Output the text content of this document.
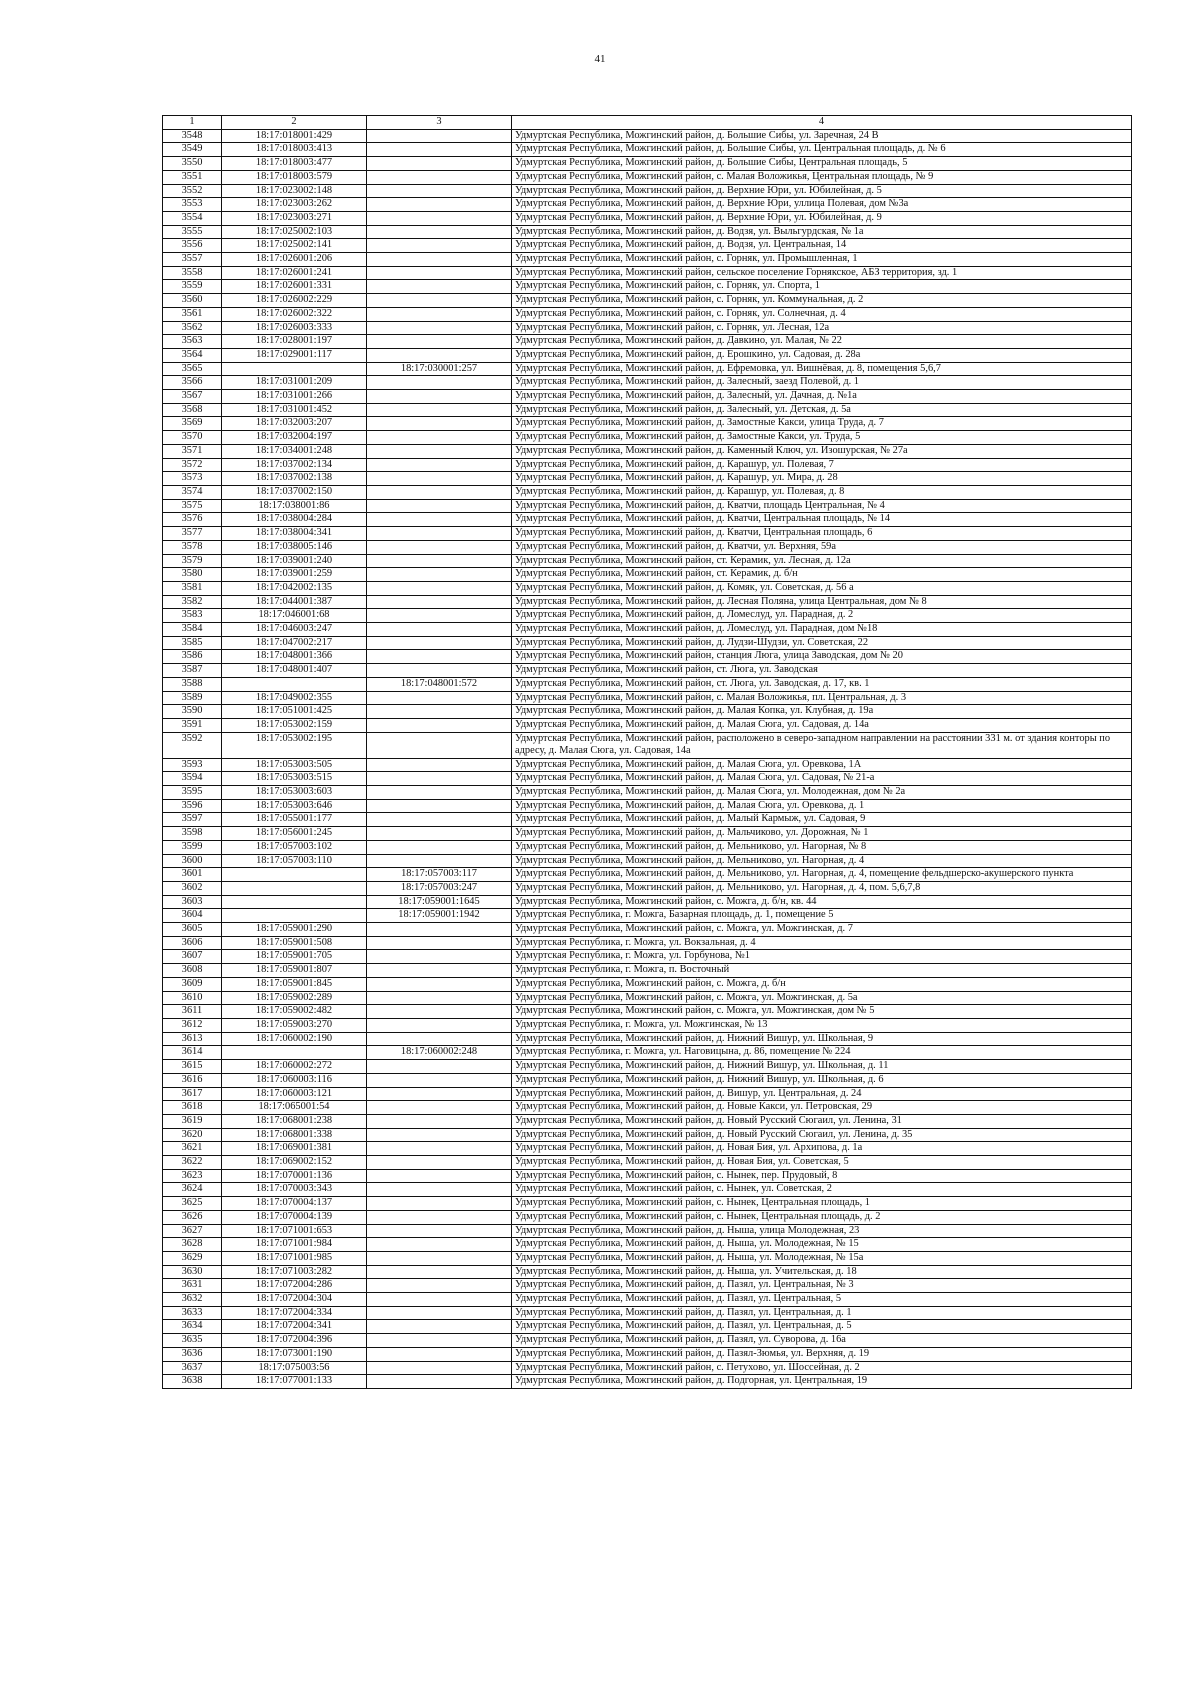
41
1	2	3	4
3548	18:17:018001:429		Удмуртская Республика, Можгинский район, д. Большие Сибы, ул. Заречная, 24 В
3549	18:17:018003:413		Удмуртская Республика, Можгинский район, д. Большие Сибы, ул. Центральная площадь, д. № 6
3550	18:17:018003:477		Удмуртская Республика, Можгинский район, д. Большие Сибы, Центральная площадь, 5
3551	18:17:018003:579		Удмуртская Республика, Можгинский район, с. Малая Воложикья, Центральная площадь, № 9
3552	18:17:023002:148		Удмуртская Республика, Можгинский район, д. Верхние Юри, ул. Юбилейная, д. 5
3553	18:17:023003:262		Удмуртская Республика, Можгинский район, д. Верхние Юри, уллица Полевая, дом №3а
3554	18:17:023003:271		Удмуртская Республика, Можгинский район, д. Верхние Юри, ул. Юбилейная, д. 9
3555	18:17:025002:103		Удмуртская Республика, Можгинский район, д. Водзя, ул. Выльгурдская, № 1а
3556	18:17:025002:141		Удмуртская Республика, Можгинский район, д. Водзя, ул. Центральная, 14
3557	18:17:026001:206		Удмуртская Республика, Можгинский район, с. Горняк, ул. Промышленная, 1
3558	18:17:026001:241		Удмуртская Республика, Можгинский район, сельское поселение Горнякское, АБЗ территория, зд. 1
3559	18:17:026001:331		Удмуртская Республика, Можгинский район, с. Горняк, ул. Спорта, 1
3560	18:17:026002:229		Удмуртская Республика, Можгинский район, с. Горняк, ул. Коммунальная, д. 2
3561	18:17:026002:322		Удмуртская Республика, Можгинский район, с. Горняк, ул. Солнечная, д. 4
3562	18:17:026003:333		Удмуртская Республика, Можгинский район, с. Горняк, ул. Лесная, 12а
3563	18:17:028001:197		Удмуртская Республика, Можгинский район, д. Давкино, ул. Малая, № 22
3564	18:17:029001:117		Удмуртская Республика, Можгинский район, д. Ерошкино, ул. Садовая, д. 28а
3565		18:17:030001:257	Удмуртская Республика, Можгинский район, д. Ефремовка, ул. Вишнёвая, д. 8, помещения 5,6,7
3566	18:17:031001:209		Удмуртская Республика, Можгинский район, д. Залесный, заезд Полевой, д. 1
3567	18:17:031001:266		Удмуртская Республика, Можгинский район, д. Залесный, ул. Дачная, д. №1а
3568	18:17:031001:452		Удмуртская Республика, Можгинский район, д. Залесный, ул. Детская, д. 5а
3569	18:17:032003:207		Удмуртская Республика, Можгинский район, д. Замостные Какси, улица Труда, д. 7
3570	18:17:032004:197		Удмуртская Республика, Можгинский район, д. Замостные Какси, ул. Труда, 5
3571	18:17:034001:248		Удмуртская Республика, Можгинский район, д. Каменный Ключ, ул. Изошурская, № 27а
3572	18:17:037002:134		Удмуртская Республика, Можгинский район, д. Карашур, ул. Полевая, 7
3573	18:17:037002:138		Удмуртская Республика, Можгинский район, д. Карашур, ул. Мира, д. 28
3574	18:17:037002:150		Удмуртская Республика, Можгинский район, д. Карашур, ул. Полевая, д. 8
3575	18:17:038001:86		Удмуртская Республика, Можгинский район, д. Кватчи, площадь Центральная, № 4
3576	18:17:038004:284		Удмуртская Республика, Можгинский район, д. Кватчи, Центральная площадь, № 14
3577	18:17:038004:341		Удмуртская Республика, Можгинский район, д. Кватчи, Центральная площадь, 6
3578	18:17:038005:146		Удмуртская Республика, Можгинский район, д. Кватчи, ул. Верхняя, 59а
3579	18:17:039001:240		Удмуртская Республика, Можгинский район, ст. Керамик, ул. Лесная, д. 12а
3580	18:17:039001:259		Удмуртская Республика, Можгинский район, ст. Керамик, д. б/н
3581	18:17:042002:135		Удмуртская Республика, Можгинский район, д. Комяк, ул. Советская, д. 56 а
3582	18:17:044001:387		Удмуртская Республика, Можгинский район, д. Лесная Поляна, улица Центральная, дом № 8
3583	18:17:046001:68		Удмуртская Республика, Можгинский район, д. Ломеслуд, ул. Парадная, д. 2
3584	18:17:046003:247		Удмуртская Республика, Можгинский район, д. Ломеслуд, ул. Парадная, дом №18
3585	18:17:047002:217		Удмуртская Республика, Можгинский район, д. Лудзи-Шудзи, ул. Советская, 22
3586	18:17:048001:366		Удмуртская Республика, Можгинский район, станция Люга, улица Заводская, дом № 20
3587	18:17:048001:407		Удмуртская Республика, Можгинский район, ст. Люга, ул. Заводская
3588		18:17:048001:572	Удмуртская Республика, Можгинский район, ст. Люга, ул. Заводская, д. 17, кв. 1
3589	18:17:049002:355		Удмуртская Республика, Можгинский район, с. Малая Воложикья, пл. Центральная, д. 3
3590	18:17:051001:425		Удмуртская Республика, Можгинский район, д. Малая Копка, ул. Клубная, д. 19а
3591	18:17:053002:159		Удмуртская Республика, Можгинский район, д. Малая Сюга, ул. Садовая, д. 14а
3592	18:17:053002:195		Удмуртская Республика, Можгинский район, расположено в северо-западном направлении на расстоянии 331 м. от здания конторы по адресу, д. Малая Сюга, ул. Садовая, 14а
3593	18:17:053003:505		Удмуртская Республика, Можгинский район, д. Малая Сюга, ул. Оревкова, 1А
3594	18:17:053003:515		Удмуртская Республика, Можгинский район, д. Малая Сюга, ул. Садовая, № 21-а
3595	18:17:053003:603		Удмуртская Республика, Можгинский район, д. Малая Сюга, ул. Молодежная, дом № 2а
3596	18:17:053003:646		Удмуртская Республика, Можгинский район, д. Малая Сюга, ул. Оревкова, д. 1
3597	18:17:055001:177		Удмуртская Республика, Можгинский район, д. Малый Кармыж, ул. Садовая, 9
3598	18:17:056001:245		Удмуртская Республика, Можгинский район, д. Мальчиково, ул. Дорожная, № 1
3599	18:17:057003:102		Удмуртская Республика, Можгинский район, д. Мельниково, ул. Нагорная, № 8
3600	18:17:057003:110		Удмуртская Республика, Можгинский район, д. Мельниково, ул. Нагорная, д. 4
3601		18:17:057003:117	Удмуртская Республика, Можгинский район, д. Мельниково, ул. Нагорная, д. 4, помещение фельдшерско-акушерского пункта
3602		18:17:057003:247	Удмуртская Республика, Можгинский район, д. Мельниково, ул. Нагорная, д. 4, пом. 5,6,7,8
3603		18:17:059001:1645	Удмуртская Республика, Можгинский район, с. Можга, д. б/н, кв. 44
3604		18:17:059001:1942	Удмуртская Республика, г. Можга, Базарная площадь, д. 1, помещение 5
3605	18:17:059001:290		Удмуртская Республика, Можгинский район, с. Можга, ул. Можгинская, д. 7
3606	18:17:059001:508		Удмуртская Республика, г. Можга, ул. Вокзальная, д. 4
3607	18:17:059001:705		Удмуртская Республика, г. Можга, ул. Горбунова, №1
3608	18:17:059001:807		Удмуртская Республика, г. Можга, п. Восточный
3609	18:17:059001:845		Удмуртская Республика, Можгинский район, с. Можга, д. б/н
3610	18:17:059002:289		Удмуртская Республика, Можгинский район, с. Можга, ул. Можгинская, д. 5а
3611	18:17:059002:482		Удмуртская Республика, Можгинский район, с. Можга, ул. Можгинская, дом № 5
3612	18:17:059003:270		Удмуртская Республика, г. Можга, ул. Можгинская, № 13
3613	18:17:060002:190		Удмуртская Республика, Можгинский район, д. Нижний Вишур, ул. Школьная, 9
3614		18:17:060002:248	Удмуртская Республика, г. Можга, ул. Наговицына, д. 86, помещение № 224
3615	18:17:060002:272		Удмуртская Республика, Можгинский район, д. Нижний Вишур, ул. Школьная, д. 11
3616	18:17:060003:116		Удмуртская Республика, Можгинский район, д. Нижний Вишур, ул. Школьная, д. 6
3617	18:17:060003:121		Удмуртская Республика, Можгинский район, д. Вишур, ул. Центральная, д. 24
3618	18:17:065001:54		Удмуртская Республика, Можгинский район, д. Новые Какси, ул. Петровская, 29
3619	18:17:068001:238		Удмуртская Республика, Можгинский район, д. Новый Русский Сюгаил, ул. Ленина, 31
3620	18:17:068001:338		Удмуртская Республика, Можгинский район, д. Новый Русский Сюгаил, ул. Ленина, д. 35
3621	18:17:069001:381		Удмуртская Республика, Можгинский район, д. Новая Бия, ул. Архипова, д. 1а
3622	18:17:069002:152		Удмуртская Республика, Можгинский район, д. Новая Бия, ул. Советская, 5
3623	18:17:070001:136		Удмуртская Республика, Можгинский район, с. Нынек, пер. Прудовый, 8
3624	18:17:070003:343		Удмуртская Республика, Можгинский район, с. Нынек, ул. Советская, 2
3625	18:17:070004:137		Удмуртская Республика, Можгинский район, с. Нынек, Центральная площадь, 1
3626	18:17:070004:139		Удмуртская Республика, Можгинский район, с. Нынек, Центральная площадь, д. 2
3627	18:17:071001:653		Удмуртская Республика, Можгинский район, д. Ныша, улица Молодежная, 23
3628	18:17:071001:984		Удмуртская Республика, Можгинский район, д. Ныша, ул. Молодежная, № 15
3629	18:17:071001:985		Удмуртская Республика, Можгинский район, д. Ныша, ул. Молодежная, № 15а
3630	18:17:071003:282		Удмуртская Республика, Можгинский район, д. Ныша, ул. Учительская, д. 18
3631	18:17:072004:286		Удмуртская Республика, Можгинский район, д. Пазял, ул. Центральная, № 3
3632	18:17:072004:304		Удмуртская Республика, Можгинский район, д. Пазял, ул. Центральная, 5
3633	18:17:072004:334		Удмуртская Республика, Можгинский район, д. Пазял, ул. Центральная, д. 1
3634	18:17:072004:341		Удмуртская Республика, Можгинский район, д. Пазял, ул. Центральная, д. 5
3635	18:17:072004:396		Удмуртская Республика, Можгинский район, д. Пазял, ул. Суворова, д. 16а
3636	18:17:073001:190		Удмуртская Республика, Можгинский район, д. Пазял-Зюмья, ул. Верхняя, д. 19
3637	18:17:075003:56		Удмуртская Республика, Можгинский район, с. Петухово, ул. Шоссейная, д. 2
3638	18:17:077001:133		Удмуртская Республика, Можгинский район, д. Подгорная, ул. Центральная, 19
